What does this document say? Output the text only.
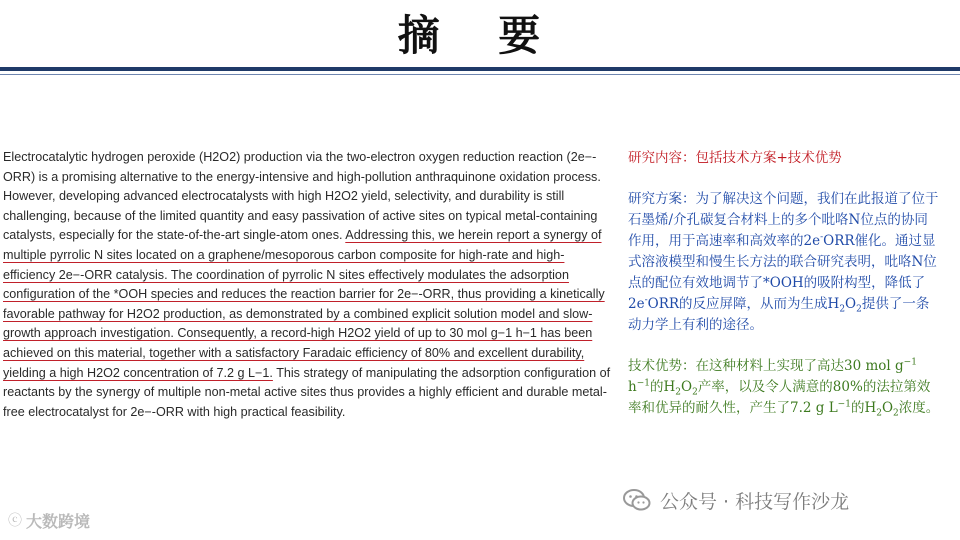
摘 要

Electrocatalytic hydrogen peroxide (H2O2) production via the two-electron oxygen reduction reaction (2e−-ORR) is a promising alternative to the energy-intensive and high-pollution anthraquinone oxidation process. However, developing advanced electrocatalysts with high H2O2 yield, selectivity, and durability is still challenging, because of the limited quantity and easy passivation of active sites on typical metal-containing catalysts, especially for the state-of-the-art single-atom ones. Addressing this, we herein report a synergy of multiple pyrrolic N sites located on a graphene/mesoporous carbon composite for high-rate and high-efficiency 2e−-ORR catalysis. The coordination of pyrrolic N sites effectively modulates the adsorption configuration of the *OOH species and reduces the reaction barrier for 2e−-ORR, thus providing a kinetically favorable pathway for H2O2 production, as demonstrated by a combined explicit solution model and slow-growth approach investigation. Consequently, a record-high H2O2 yield of up to 30 mol g−1 h−1 has been achieved on this material, together with a satisfactory Faradaic efficiency of 80% and excellent durability, yielding a high H2O2 concentration of 7.2 g L−1. This strategy of manipulating the adsorption configuration of reactants by the synergy of multiple non-metal active sites thus provides a highly efficient and durable metal-free electrocatalyst for 2e−-ORR with high practical feasibility.

研究内容：包括技术方案+技术优势

研究方案：为了解决这个问题，我们在此报道了位于石墨烯/介孔碳复合材料上的多个吡咯N位点的协同作用，用于高速率和高效率的2e-ORR催化。通过显式溶液模型和慢生长方法的联合研究表明，吡咯N位点的配位有效地调节了*OOH的吸附构型，降低了2e-ORR的反应屏障，从而为生成$H_2O_2$提供了一条动力学上有利的途径。

技术优势：在这种材料上实现了高达30 mol $g^{-1}$ $h^{-1}$的$H_2O_2$产率，以及令人满意的80%的法拉第效率和优异的耐久性，产生了7.2 g $L^{-1}$的$H_2O_2$浓度。

公众号 · 科技写作沙龙
ⓒ 大数跨境
